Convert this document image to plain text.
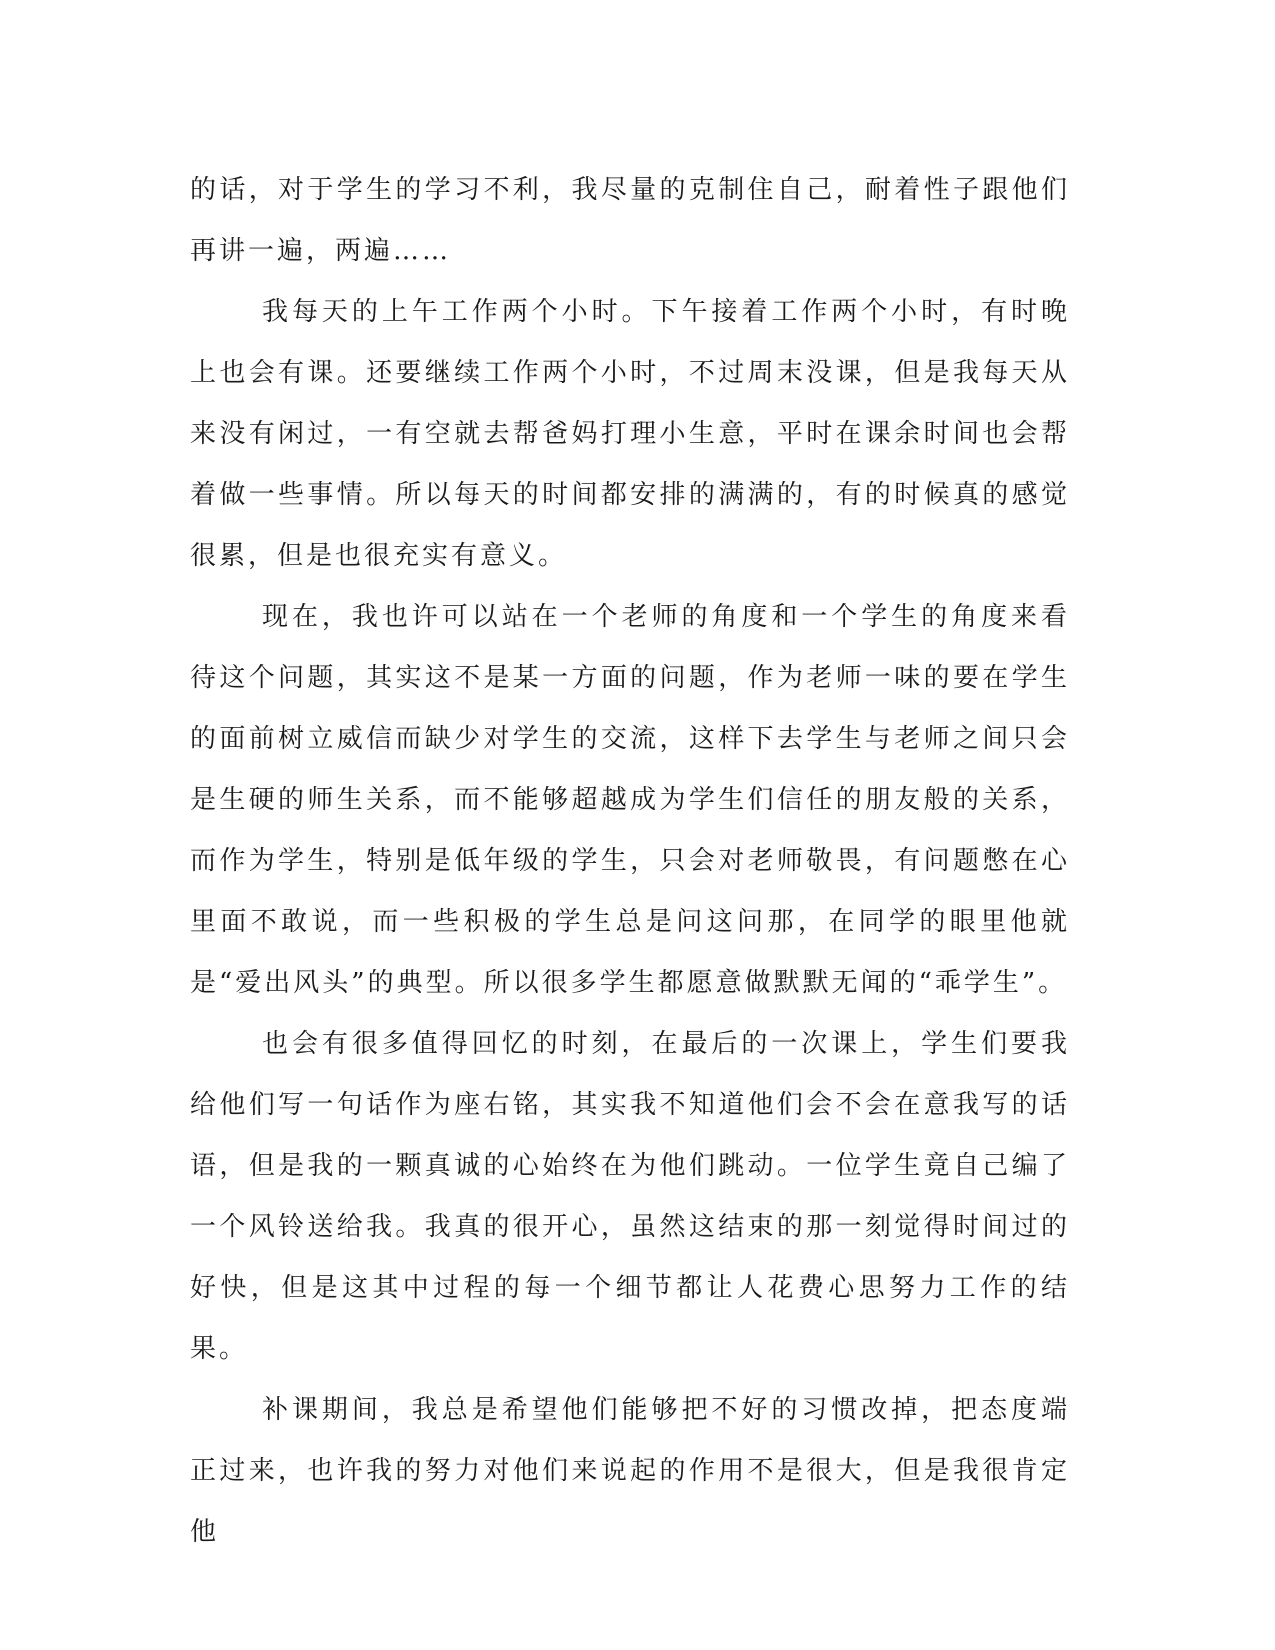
的话，对于学生的学习不利，我尽量的克制住自己，耐着性子跟他们再讲一遍，两遍……

我每天的上午工作两个小时。下午接着工作两个小时，有时晚上也会有课。还要继续工作两个小时，不过周末没课，但是我每天从来没有闲过，一有空就去帮爸妈打理小生意，平时在课余时间也会帮着做一些事情。所以每天的时间都安排的满满的，有的时候真的感觉很累，但是也很充实有意义。

现在，我也许可以站在一个老师的角度和一个学生的角度来看待这个问题，其实这不是某一方面的问题，作为老师一味的要在学生的面前树立威信而缺少对学生的交流，这样下去学生与老师之间只会是生硬的师生关系，而不能够超越成为学生们信任的朋友般的关系，而作为学生，特别是低年级的学生，只会对老师敬畏，有问题憋在心里面不敢说，而一些积极的学生总是问这问那，在同学的眼里他就是“爱出风头”的典型。所以很多学生都愿意做默默无闻的“乖学生”。

也会有很多值得回忆的时刻，在最后的一次课上，学生们要我给他们写一句话作为座右铭，其实我不知道他们会不会在意我写的话语，但是我的一颗真诚的心始终在为他们跳动。一位学生竟自己编了一个风铃送给我。我真的很开心，虽然这结束的那一刻觉得时间过的好快，但是这其中过程的每一个细节都让人花费心思努力工作的结果。

补课期间，我总是希望他们能够把不好的习惯改掉，把态度端正过来，也许我的努力对他们来说起的作用不是很大，但是我很肯定他
